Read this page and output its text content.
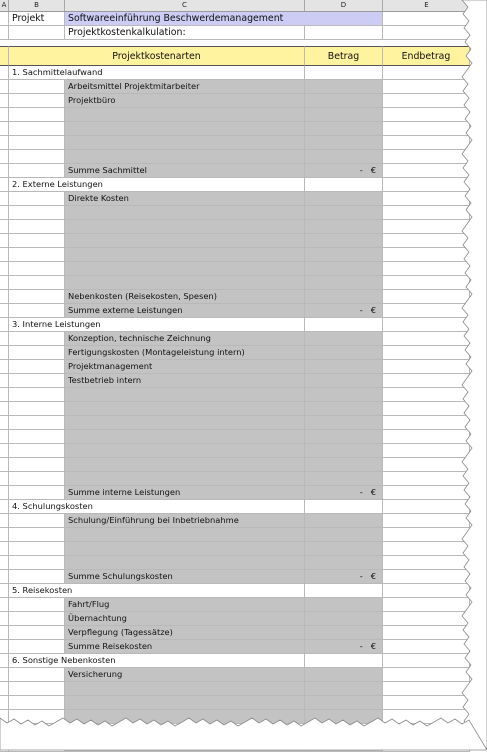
A	B	C	D	E
Projekt	Softwareeinführung Beschwerdemanagement
Projektkostenkalkulation:
Projektkostenarten	Betrag	Endbetrag
1. Sachmittelaufwand
Arbeitsmittel Projektmitarbeiter
Projektbüro
Summe Sachmittel	- €
2. Externe Leistungen
Direkte Kosten
Nebenkosten (Reisekosten, Spesen)
Summe externe Leistungen	- €
3. Interne Leistungen
Konzeption, technische Zeichnung
Fertigungskosten (Montageleistung intern)
Projektmanagement
Testbetrieb intern
Summe interne Leistungen	- €
4. Schulungskosten
Schulung/Einführung bei Inbetriebnahme
Summe Schulungskosten	- €
5. Reisekosten
Fahrt/Flug
Übernachtung
Verpflegung (Tagessätze)
Summe Reisekosten	- €
6. Sonstige Nebenkosten
Versicherung
